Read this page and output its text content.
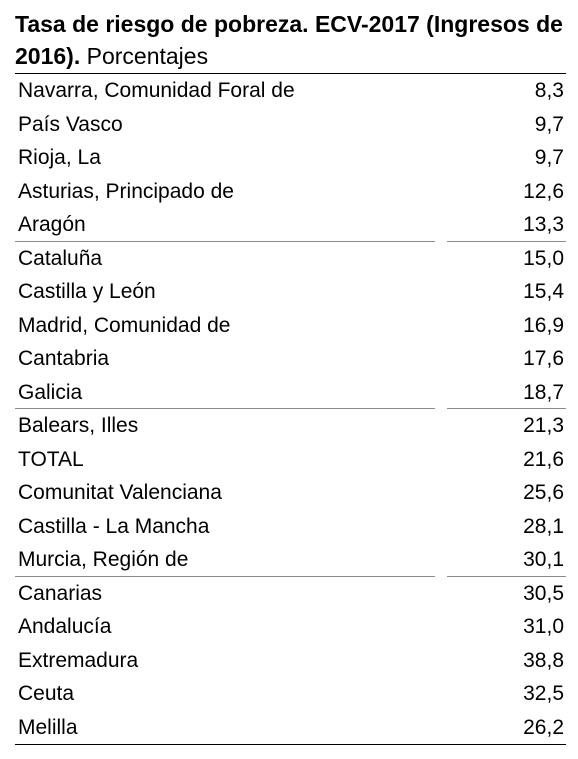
Tasa de riesgo de pobreza. ECV-2017 (Ingresos de 2016). Porcentajes
Navarra, Comunidad Foral de	8,3
País Vasco	9,7
Rioja, La	9,7
Asturias, Principado de	12,6
Aragón	13,3
Cataluña	15,0
Castilla y León	15,4
Madrid, Comunidad de	16,9
Cantabria	17,6
Galicia	18,7
Balears, Illes	21,3
TOTAL	21,6
Comunitat Valenciana	25,6
Castilla - La Mancha	28,1
Murcia, Región de	30,1
Canarias	30,5
Andalucía	31,0
Extremadura	38,8
Ceuta	32,5
Melilla	26,2
